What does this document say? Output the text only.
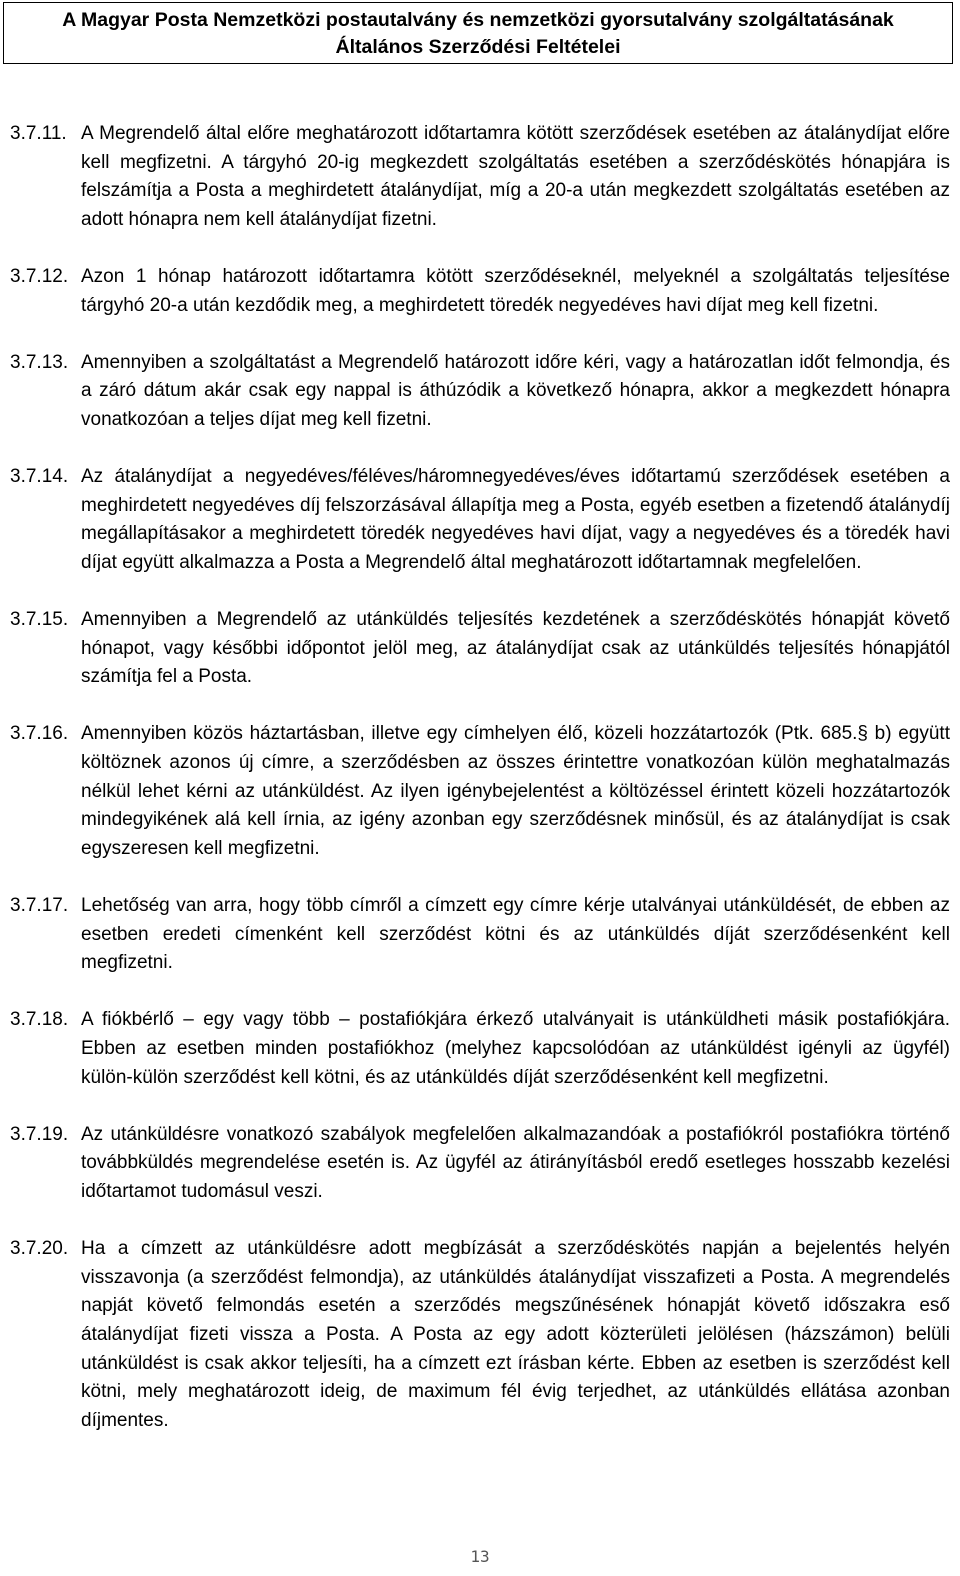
A Magyar Posta Nemzetközi postautalvány és nemzetközi gyorsutalvány szolgáltatásának
Általános Szerződési Feltételei
3.7.11. A Megrendelő által előre meghatározott időtartamra kötött szerződések esetében az átalánydíjat előre kell megfizetni. A tárgyhó 20-ig megkezdett szolgáltatás esetében a szerződéskötés hónapjára is felszámítja a Posta a meghirdetett átalánydíjat, míg a 20-a után megkezdett szolgáltatás esetében az adott hónapra nem kell átalánydíjat fizetni.
3.7.12. Azon 1 hónap határozott időtartamra kötött szerződéseknél, melyeknél a szolgáltatás teljesítése tárgyhó 20-a után kezdődik meg, a meghirdetett töredék negyedéves havi díjat meg kell fizetni.
3.7.13. Amennyiben a szolgáltatást a Megrendelő határozott időre kéri, vagy a határozatlan időt felmondja, és a záró dátum akár csak egy nappal is áthúzódik a következő hónapra, akkor a megkezdett hónapra vonatkozóan a teljes díjat meg kell fizetni.
3.7.14. Az átalánydíjat a negyedéves/féléves/háromnegyedéves/éves időtartamú szerződések esetében a meghirdetett negyedéves díj felszorzásával állapítja meg a Posta, egyéb esetben a fizetendő átalánydíj megállapításakor a meghirdetett töredék negyedéves havi díjat, vagy a negyedéves és a töredék havi díjat együtt alkalmazza a Posta a Megrendelő által meghatározott időtartamnak megfelelően.
3.7.15. Amennyiben a Megrendelő az utánküldés teljesítés kezdetének a szerződéskötés hónapját követő hónapot, vagy későbbi időpontot jelöl meg, az átalánydíjat csak az utánküldés teljesítés hónapjától számítja fel a Posta.
3.7.16. Amennyiben közös háztartásban, illetve egy címhelyen élő, közeli hozzátartozók (Ptk. 685.§ b) együtt költöznek azonos új címre, a szerződésben az összes érintettre vonatkozóan külön meghatalmazás nélkül lehet kérni az utánküldést. Az ilyen igénybejelentést a költözéssel érintett közeli hozzátartozók mindegyikének alá kell írnia, az igény azonban egy szerződésnek minősül, és az átalánydíjat is csak egyszeresen kell megfizetni.
3.7.17. Lehetőség van arra, hogy több címről a címzett egy címre kérje utalványai utánküldését, de ebben az esetben eredeti címenként kell szerződést kötni és az utánküldés díját szerződésenként kell megfizetni.
3.7.18. A fiókbérlő – egy vagy több – postafiókjára érkező utalványait is utánküldheti másik postafiókjára. Ebben az esetben minden postafiókhoz (melyhez kapcsolódóan az utánküldést igényli az ügyfél) külön-külön szerződést kell kötni, és az utánküldés díját szerződésenként kell megfizetni.
3.7.19. Az utánküldésre vonatkozó szabályok megfelelően alkalmazandóak a postafiókról postafiókra történő továbbküldés megrendelése esetén is. Az ügyfél az átirányításból eredő esetleges hosszabb kezelési időtartamot tudomásul veszi.
3.7.20. Ha a címzett az utánküldésre adott megbízását a szerződéskötés napján a bejelentés helyén visszavonja (a szerződést felmondja), az utánküldés átalánydíjat visszafizeti a Posta. A megrendelés napját követő felmondás esetén a szerződés megszűnésének hónapját követő időszakra eső átalánydíjat fizeti vissza a Posta. A Posta az egy adott közterületi jelölésen (házszámon) belüli utánküldést is csak akkor teljesíti, ha a címzett ezt írásban kérte. Ebben az esetben is szerződést kell kötni, mely meghatározott ideig, de maximum fél évig terjedhet, az utánküldés ellátása azonban díjmentes.
13
